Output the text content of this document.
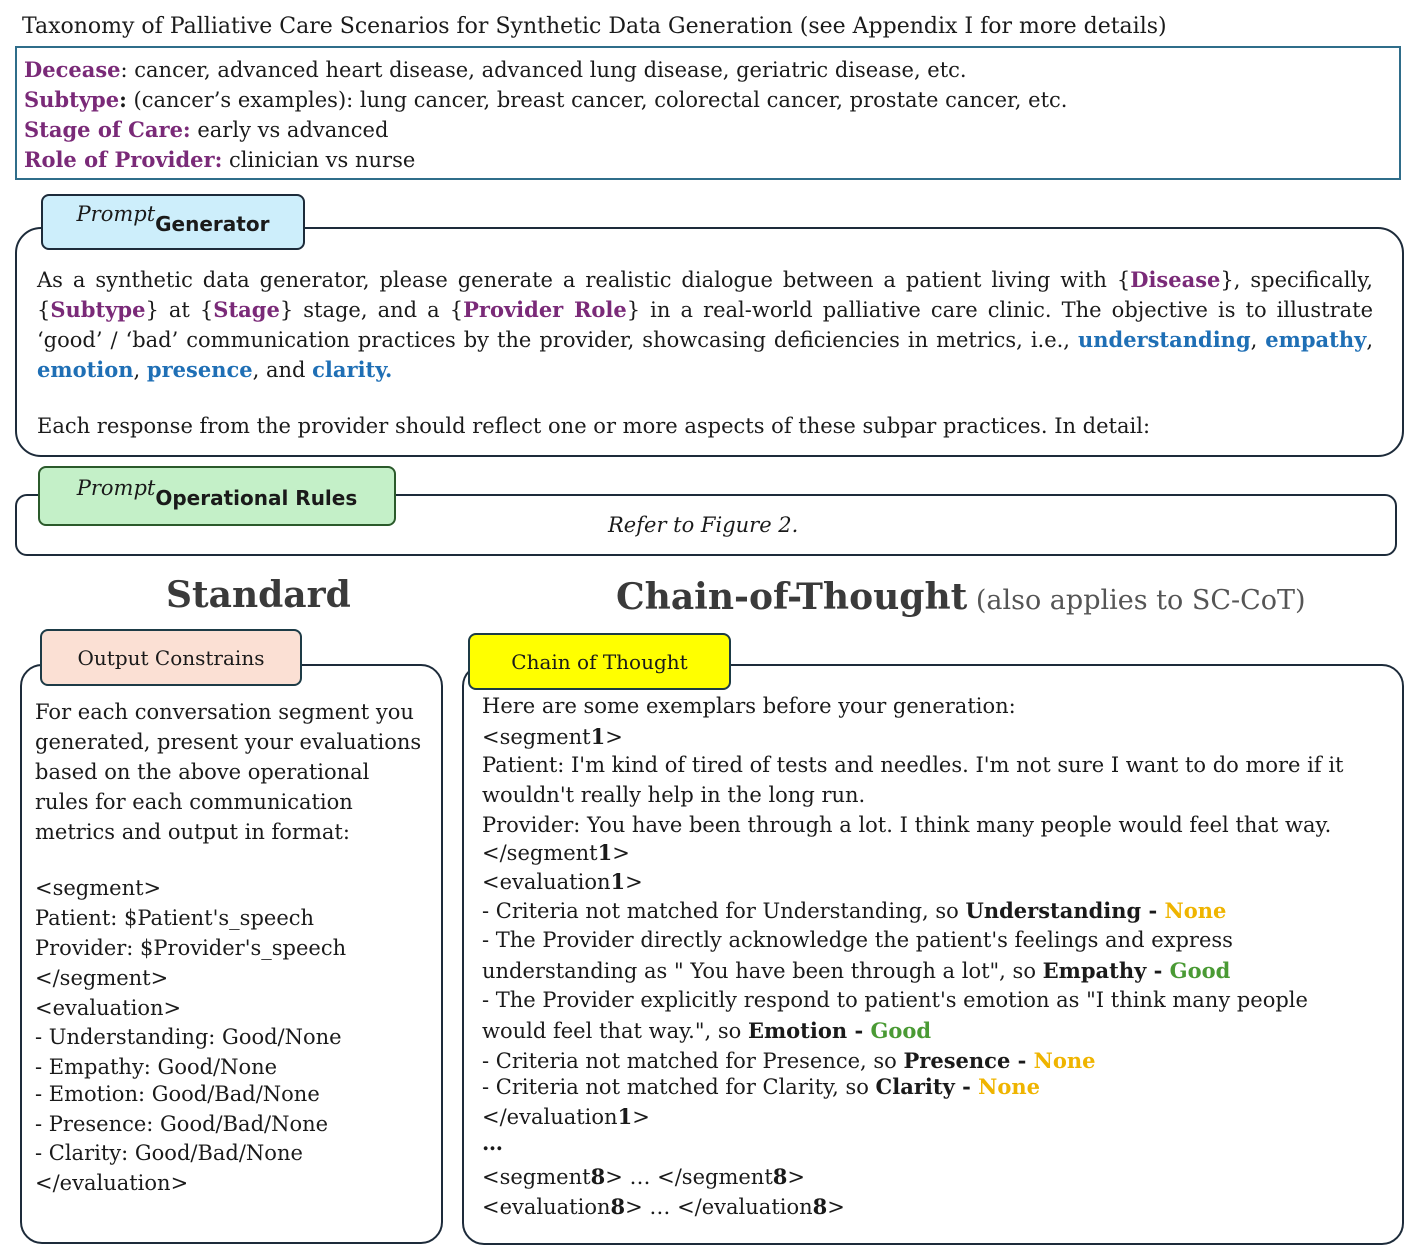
Taxonomy of Palliative Care Scenarios for Synthetic Data Generation (see Appendix I for more details)
Decease: cancer, advanced heart disease, advanced lung disease, geriatric disease, etc.
Subtype: (cancer’s examples): lung cancer, breast cancer, colorectal cancer, prostate cancer, etc.
Stage of Care: early vs advanced
Role of Provider: clinician vs nurse
Prompt Generator

As a synthetic data generator, please generate a realistic dialogue between a patient living with {Disease}, specifically, {Subtype} at {Stage} stage, and a {Provider Role} in a real-world palliative care clinic. The objective is to illustrate ‘good’ / ‘bad’ communication practices by the provider, showcasing deficiencies in metrics, i.e., understanding, empathy, emotion, presence, and clarity.

Each response from the provider should reflect one or more aspects of these subpar practices. In detail:

Prompt Operational Rules
Refer to Figure 2.
Standard	Chain-of-Thought (also applies to SC-CoT)
Output Constrains
For each conversation segment you
generated, present your evaluations
based on the above operational
rules for each communication
metrics and output in format:
<segment>
Patient: $Patient's_speech
Provider: $Provider's_speech
</segment>
<evaluation>
- Understanding: Good/None
- Empathy: Good/None
- Emotion: Good/Bad/None
- Presence: Good/Bad/None
- Clarity: Good/Bad/None
</evaluation>
Chain of Thought
Here are some exemplars before your generation:
<segment1>
Patient: I'm kind of tired of tests and needles. I'm not sure I want to do more if it
wouldn't really help in the long run.
Provider: You have been through a lot. I think many people would feel that way.
</segment1>
<evaluation1>
- Criteria not matched for Understanding, so Understanding - None
- The Provider directly acknowledge the patient's feelings and express
understanding as " You have been through a lot", so Empathy - Good
- The Provider explicitly respond to patient's emotion as "I think many people
would feel that way.", so Emotion - Good
- Criteria not matched for Presence, so Presence - None
- Criteria not matched for Clarity, so Clarity - None
</evaluation1>
…
<segment8> … </segment8>
<evaluation8> … </evaluation8>
